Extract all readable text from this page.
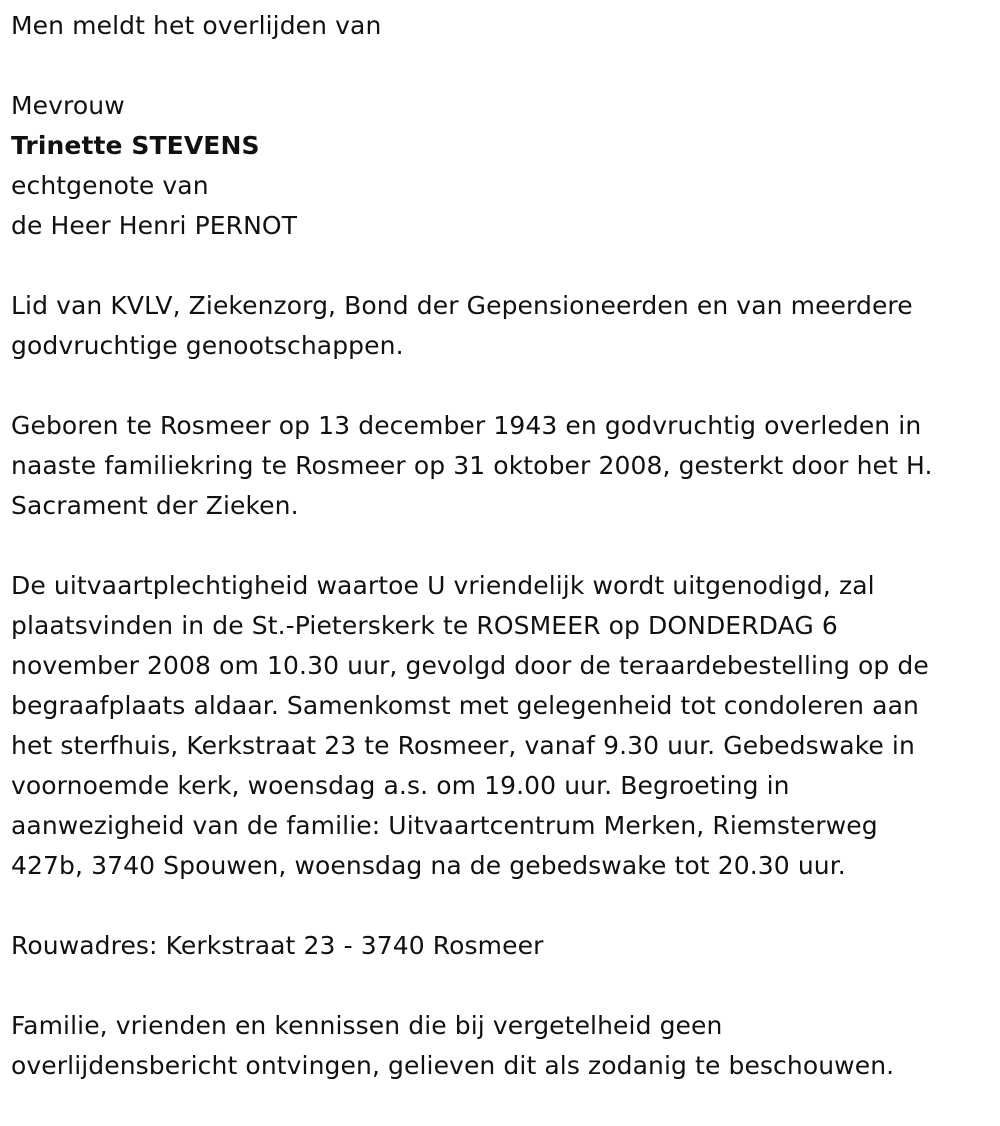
Men meldt het overlijden van
Mevrouw
Trinette STEVENS
echtgenote van
de Heer Henri PERNOT
Lid van KVLV, Ziekenzorg, Bond der Gepensioneerden en van meerdere
godvruchtige genootschappen.
Geboren te Rosmeer op 13 december 1943 en godvruchtig overleden in
naaste familiekring te Rosmeer op 31 oktober 2008, gesterkt door het H.
Sacrament der Zieken.
De uitvaartplechtigheid waartoe U vriendelijk wordt uitgenodigd, zal
plaatsvinden in de St.-Pieterskerk te ROSMEER op DONDERDAG 6
november 2008 om 10.30 uur, gevolgd door de teraardebestelling op de
begraafplaats aldaar. Samenkomst met gelegenheid tot condoleren aan
het sterfhuis, Kerkstraat 23 te Rosmeer, vanaf 9.30 uur. Gebedswake in
voornoemde kerk, woensdag a.s. om 19.00 uur. Begroeting in
aanwezigheid van de familie: Uitvaartcentrum Merken, Riemsterweg
427b, 3740 Spouwen, woensdag na de gebedswake tot 20.30 uur.
Rouwadres: Kerkstraat 23 - 3740 Rosmeer
Familie, vrienden en kennissen die bij vergetelheid geen
overlijdensbericht ontvingen, gelieven dit als zodanig te beschouwen.
